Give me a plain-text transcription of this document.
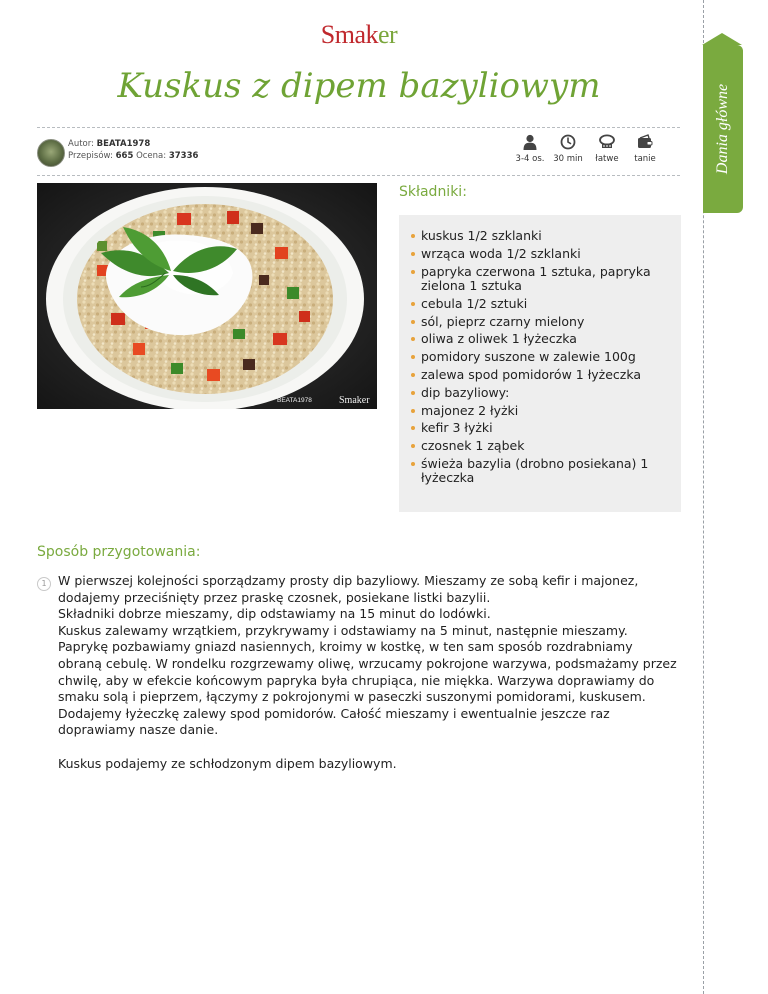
Smaker
Dania główne
Kuskus z dipem bazyliowym
Autor: BEATA1978
Przepisów: 665 Ocena: 37336	3-4 os.	30 min	łatwe	tanie
BEATA1978	Smaker
Składniki:
kuskus 1/2 szklanki
wrząca woda 1/2 szklanki
papryka czerwona 1 sztuka, papryka zielona 1 sztuka
cebula 1/2 sztuki
sól, pieprz czarny mielony
oliwa z oliwek 1 łyżeczka
pomidory suszone w zalewie 100g
zalewa spod pomidorów 1 łyżeczka
dip bazyliowy:
majonez 2 łyżki
kefir 3 łyżki
czosnek 1 ząbek
świeża bazylia (drobno posiekana) 1 łyżeczka
Sposób przygotowania:
1 W pierwszej kolejności sporządzamy prosty dip bazyliowy. Mieszamy ze sobą kefir i majonez, dodajemy przeciśnięty przez praskę czosnek, posiekane listki bazylii.

Składniki dobrze mieszamy, dip odstawiamy na 15 minut do lodówki.

Kuskus zalewamy wrzątkiem, przykrywamy i odstawiamy na 5 minut, następnie mieszamy.

Paprykę pozbawiamy gniazd nasiennych, kroimy w kostkę, w ten sam sposób rozdrabniamy obraną cebulę. W rondelku rozgrzewamy oliwę, wrzucamy pokrojone warzywa, podsmażamy przez chwilę, aby w efekcie końcowym papryka była chrupiąca, nie miękka. Warzywa doprawiamy do smaku solą i pieprzem, łączymy z pokrojonymi w paseczki suszonymi pomidorami, kuskusem. Dodajemy łyżeczkę zalewy spod pomidorów. Całość mieszamy i ewentualnie jeszcze raz doprawiamy nasze danie.

Kuskus podajemy ze schłodzonym dipem bazyliowym.
